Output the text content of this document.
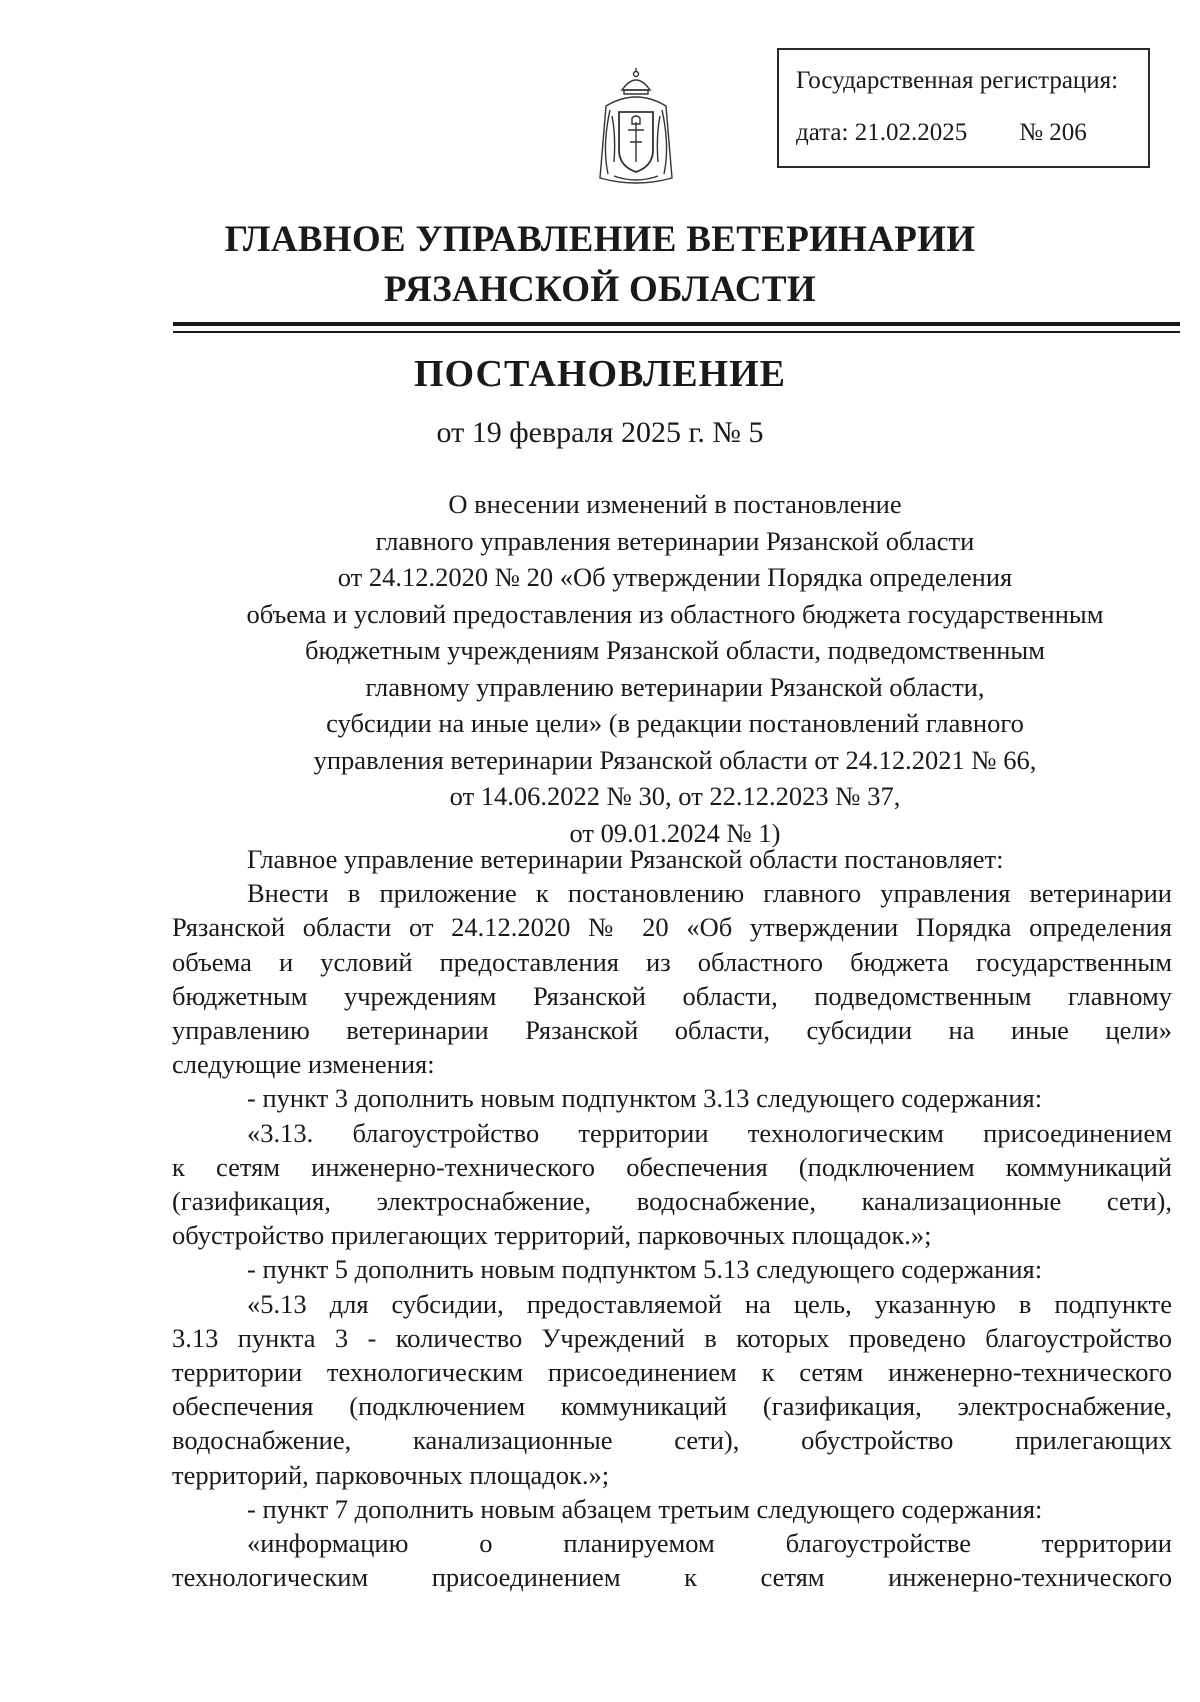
Государственная регистрация:
дата: 21.02.2025 № 206
ГЛАВНОЕ УПРАВЛЕНИЕ ВЕТЕРИНАРИИ
РЯЗАНСКОЙ ОБЛАСТИ
ПОСТАНОВЛЕНИЕ
от 19 февраля 2025 г. № 5
О внесении изменений в постановление
главного управления ветеринарии Рязанской области
от 24.12.2020 № 20 «Об утверждении Порядка определения
объема и условий предоставления из областного бюджета государственным
бюджетным учреждениям Рязанской области, подведомственным
главному управлению ветеринарии Рязанской области,
субсидии на иные цели» (в редакции постановлений главного
управления ветеринарии Рязанской области от 24.12.2021 № 66,
от 14.06.2022 № 30, от 22.12.2023 № 37,
от 09.01.2024 № 1)
Главное управление ветеринарии Рязанской области постановляет:
Внести в приложение к постановлению главного управления ветеринарии
Рязанской области от 24.12.2020 № 20 «Об утверждении Порядка определения
объема и условий предоставления из областного бюджета государственным
бюджетным учреждениям Рязанской области, подведомственным главному
управлению ветеринарии Рязанской области, субсидии на иные цели»
следующие изменения:
- пункт 3 дополнить новым подпунктом 3.13 следующего содержания:
«3.13. благоустройство территории технологическим присоединением
к сетям инженерно-технического обеспечения (подключением коммуникаций
(газификация, электроснабжение, водоснабжение, канализационные сети),
обустройство прилегающих территорий, парковочных площадок.»;
- пункт 5 дополнить новым подпунктом 5.13 следующего содержания:
«5.13 для субсидии, предоставляемой на цель, указанную в подпункте
3.13 пункта 3 - количество Учреждений в которых проведено благоустройство
территории технологическим присоединением к сетям инженерно-технического
обеспечения (подключением коммуникаций (газификация, электроснабжение,
водоснабжение, канализационные сети), обустройство прилегающих
территорий, парковочных площадок.»;
- пункт 7 дополнить новым абзацем третьим следующего содержания:
«информацию о планируемом благоустройстве территории
технологическим присоединением к сетям инженерно-технического
